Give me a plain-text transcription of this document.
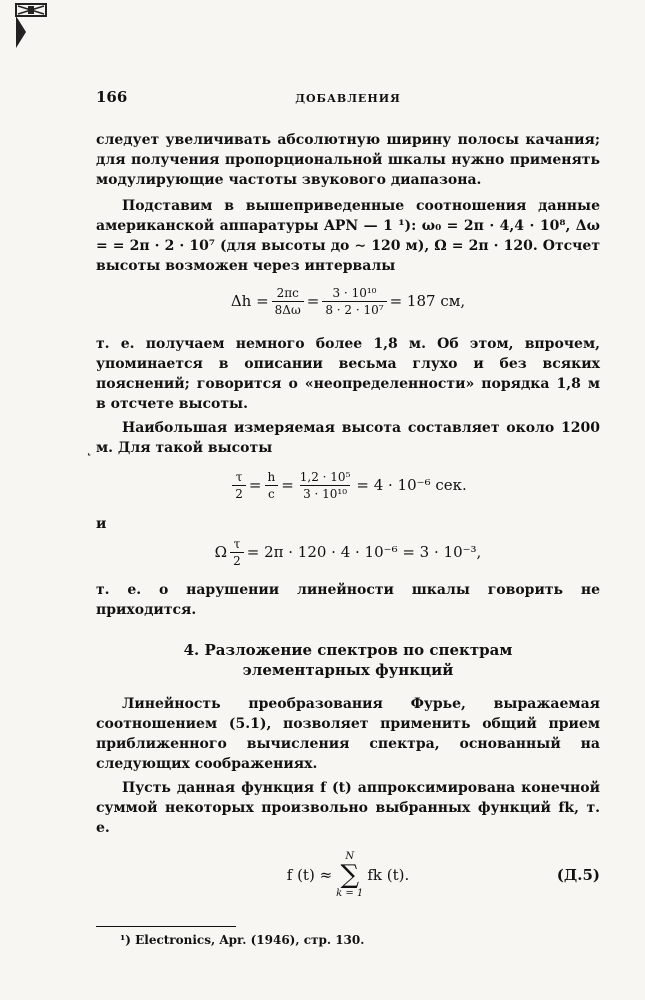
˛
166	ДОБАВЛЕНИЯ

следует увеличивать абсолютную ширину полосы качания; для получения пропорциональной шкалы нужно применять модулирующие частоты звукового диапазона.

Подставим в вышеприведенные соотношения данные американской аппаратуры APN — 1 ¹): ω₀ = 2π · 4,4 · 10⁸, Δω = = 2π · 2 · 10⁷ (для высоты до ∼ 120 м), Ω = 2π · 120. Отсчет высоты возможен через интервалы

$\Delta h = \frac{2\pi c}{8\Delta\omega} = \frac{\text{3 · 10¹⁰}}{\text{8 · 2 · 10⁷}} = 187$ см,

т. е. получаем немного более 1,8 м. Об этом, впрочем, упоминается в описании весьма глухо и без всяких пояснений; говорится о «неопределенности» порядка 1,8 м в отсчете высоты.

Наибольшая измеряемая высота составляет около 1200 м. Для такой высоты

$\frac{\tau}{2} = \frac{h}{c} = \frac{\text{1,2 · 10⁵}}{\text{3 · 10¹⁰}} = 4 \cdot 10^{-6}$ сек.

и

Ω $\frac{\tau}{2} = 2\pi \cdot 120 \cdot 4 \cdot 10^{-6} = 3 \cdot 10^{-3}$,

т. е. о нарушении линейности шкалы говорить не приходится.

4. Разложение спектров по спектрам элементарных функций

Линейность преобразования Фурье, выражаемая соотношением (5.1), позволяет применить общий прием приближенного вычисления спектра, основанный на следующих соображениях.

Пусть данная функция f (t) аппроксимирована конечной суммой некоторых произвольно выбранных функций fk, т. е.

f (t) ≈
N
∑
k = 1
fk (t).	(Д.5)
¹) Electronics, Apr. (1946), стр. 130.
